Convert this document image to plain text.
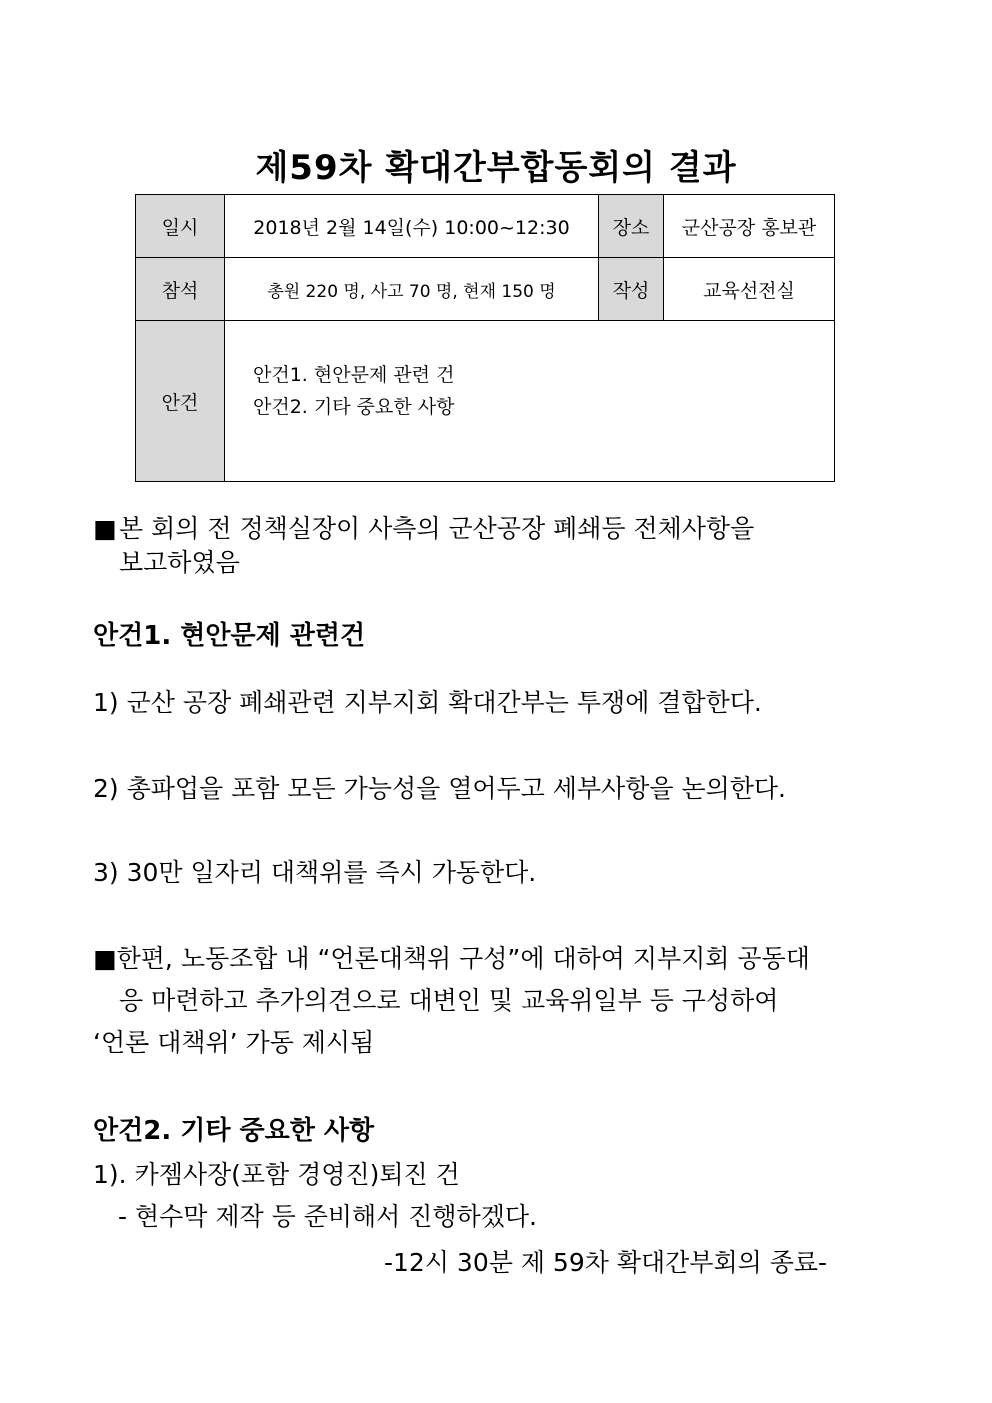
제59차 확대간부합동회의 결과
일시	2018년 2월 14일(수) 10:00~12:30	장소	군산공장 홍보관
참석	총원 220 명, 사고 70 명, 현재 150 명	작성	교육선전실
안건	안건1. 현안문제 관련 건
안건2. 기타 중요한 사항		
■본 회의 전 정책실장이 사측의 군산공장 폐쇄등 전체사항을
보고하였음
안건1. 현안문제 관련건
1) 군산 공장 폐쇄관련 지부지회 확대간부는 투쟁에 결합한다.
2) 총파업을 포함 모든 가능성을 열어두고 세부사항을 논의한다.
3) 30만 일자리 대책위를 즉시 가동한다.
■한편, 노동조합 내 “언론대책위 구성”에 대하여 지부지회 공동대
응 마련하고 추가의견으로 대변인 및 교육위일부 등 구성하여
‘언론 대책위’ 가동 제시됨
안건2. 기타 중요한 사항
1). 카젬사장(포함 경영진)퇴진 건
- 현수막 제작 등 준비해서 진행하겠다.
-12시 30분 제 59차 확대간부회의 종료-
